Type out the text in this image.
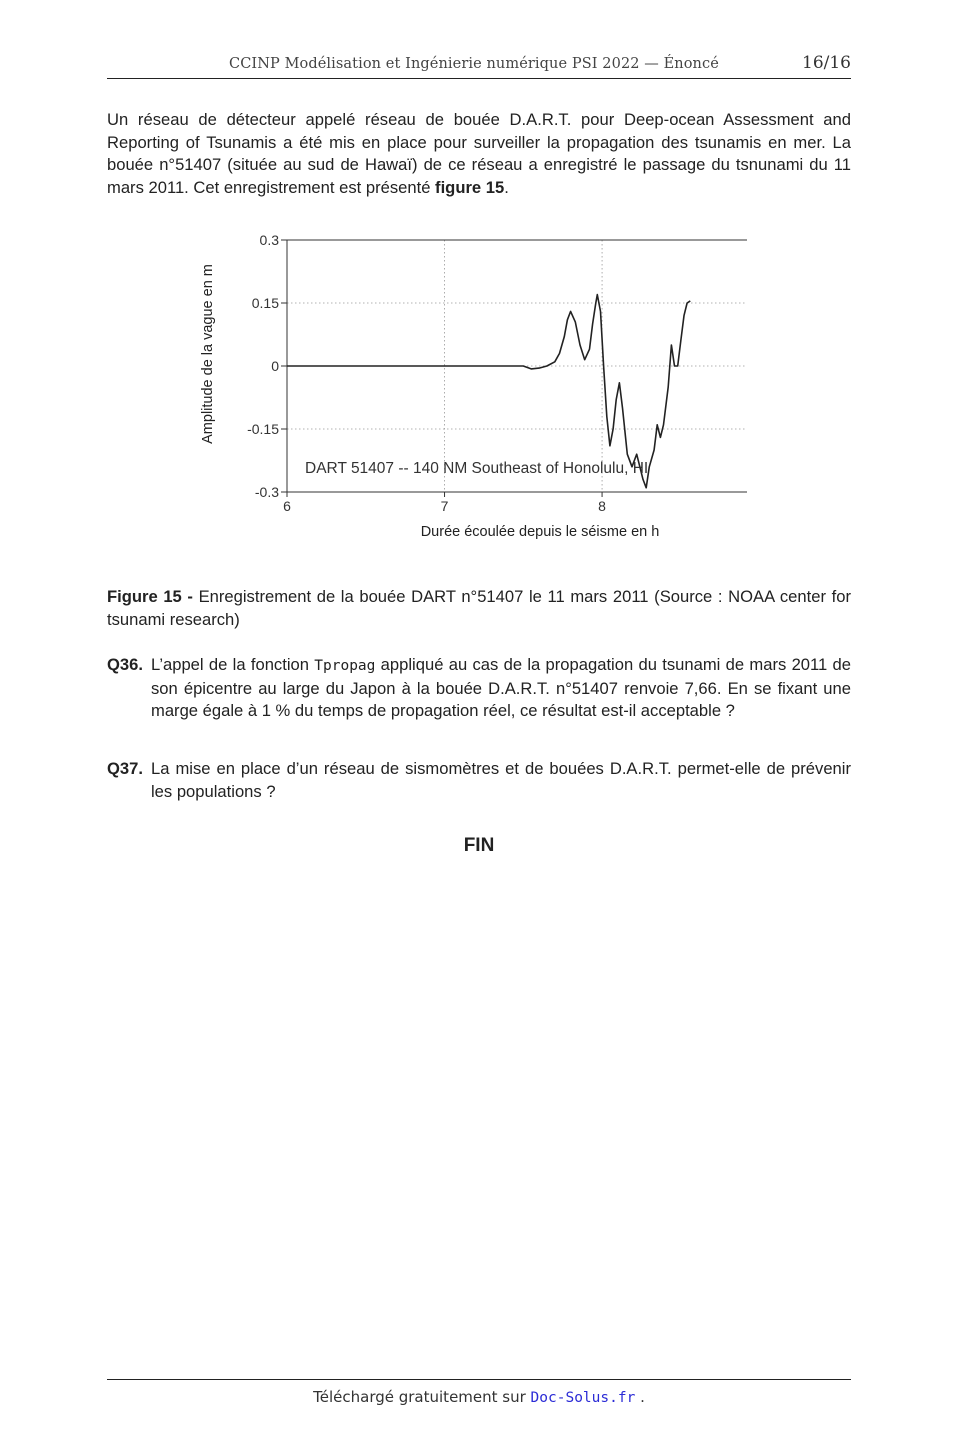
CCINP Modélisation et Ingénierie numérique PSI 2022 — Énoncé	16/16

Un réseau de détecteur appelé réseau de bouée D.A.R.T. pour Deep-ocean Assessment and Reporting of Tsunamis a été mis en place pour surveiller la propagation des tsunamis en mer. La bouée n°51407 (située au sud de Hawaï) de ce réseau a enregistré le passage du tsnunami du 11 mars 2011. Cet enregistrement est présenté figure 15.

0.3
0.15
0
-0.15
-0.3
6	7	8
Durée écoulée depuis le séisme en h
Amplitude de la vague en m
DART 51407 -- 140 NM Southeast of Honolulu, HI

Figure 15 - Enregistrement de la bouée DART n°51407 le 11 mars 2011 (Source : NOAA center for tsunami research)

Q36. L’appel de la fonction Tpropag appliqué au cas de la propagation du tsunami de mars 2011 de son épicentre au large du Japon à la bouée D.A.R.T. n°51407 renvoie 7,66. En se fixant une marge égale à 1 % du temps de propagation réel, ce résultat est-il acceptable ?
Q37. La mise en place d’un réseau de sismomètres et de bouées D.A.R.T. permet-elle de prévenir les populations ?
FIN
Téléchargé gratuitement sur Doc-Solus.fr .
